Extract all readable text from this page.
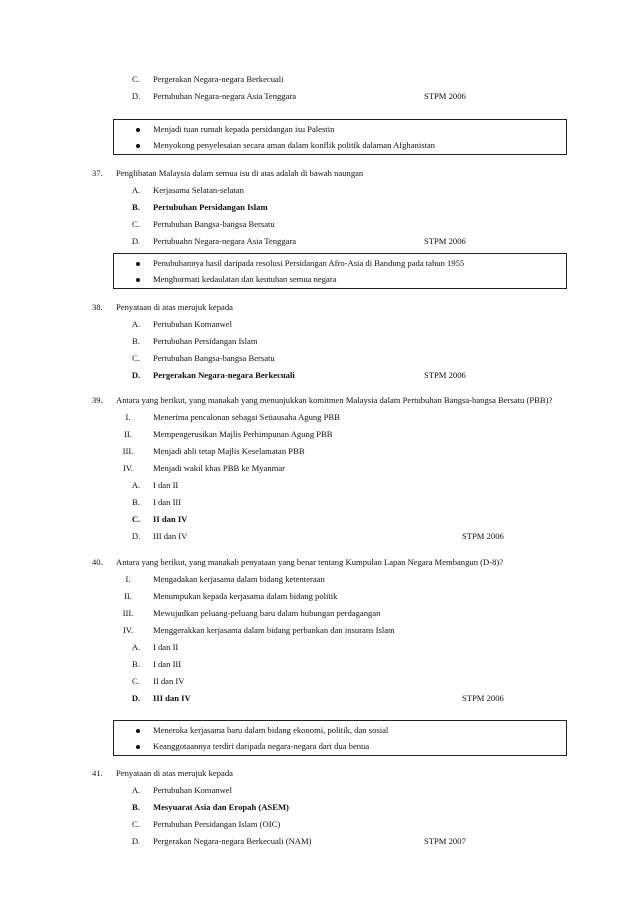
C.	Pergerakan Negara-negara Berkecuali
D.	Pertubuhan Negara-negara Asia Tenggara	STPM 2006
Menjadi tuan rumah kepada persidangan isu Palestin
Menyokong penyelesaian secara aman dalam konflik politik dalaman Afghanistan
37. Penglibatan Malaysia dalam semua isu di atas adalah di bawah naungan
A.	Kerjasama Selatan-selatan
B.	Pertubuhan Persidangan Islam
C.	Pertubuhan Bangsa-bangsa Bersatu
D.	Pertubuahn Negara-negara Asia Tenggara	STPM 2006
Penubuhannya hasil daripada resolusi Persidangan Afro-Asia di Bandung pada tahun 1955
Menghormati kedaulatan dan keutuhan semua negara
38. Penyataan di atas merujuk kepada
A.	Pertubuhan Komanwel
B.	Pertubuhan Persidangan Islam
C.	Pertubuhan Bangsa-bangsa Bersatu
D.	Pergerakan Negara-negara Berkecuali	STPM 2006
39. Antara yang berikut, yang manakah yang menunjukkan komitmen Malaysia dalam Pertubuhan Bangsa-bangsa Bersatu (PBB)?
I.	Menerima pencalonan sebagai Setiausaha Agung PBB
II.	Mempengerusikan Majlis Perhimpunan Agung PBB
III.	Menjadi ahli tetap Majlis Keselamatan PBB
IV.	Menjadi wakil khas PBB ke Myanmar
A.	I dan II
B.	I dan III
C.	II dan IV
D.	III dan IV	STPM 2006
40. Antara yang berikut, yang manakah penyataan yang benar tentang Kumpulan Lapan Negara Membangun (D-8)?
I.	Mengadakan kerjasama dalam bidang ketenteraan
II.	Menumpukan kepada kerjasama dalam bidang politik
III.	Mewujudkan peluang-peluang baru dalam hubungan perdagangan
IV.	Menggerakkan kerjasama dalam bidang perbankan dan insurans Islam
A.	I dan II
B.	I dan III
C.	II dan IV
D.	III dan IV	STPM 2006
Meneroka kerjasama baru dalam bidang ekonomi, politik, dan sosial
Keanggotaannya terdiri daripada negara-negara dari dua benua
41. Penyataan di atas merujuk kepada
A.	Pertubuhan Komanwel
B.	Mesyuarat Asia dan Eropah (ASEM)
C.	Pertubuhan Persidangan Islam (OIC)
D.	Pergerakan Negara-negara Berkecuali (NAM)	STPM 2007
